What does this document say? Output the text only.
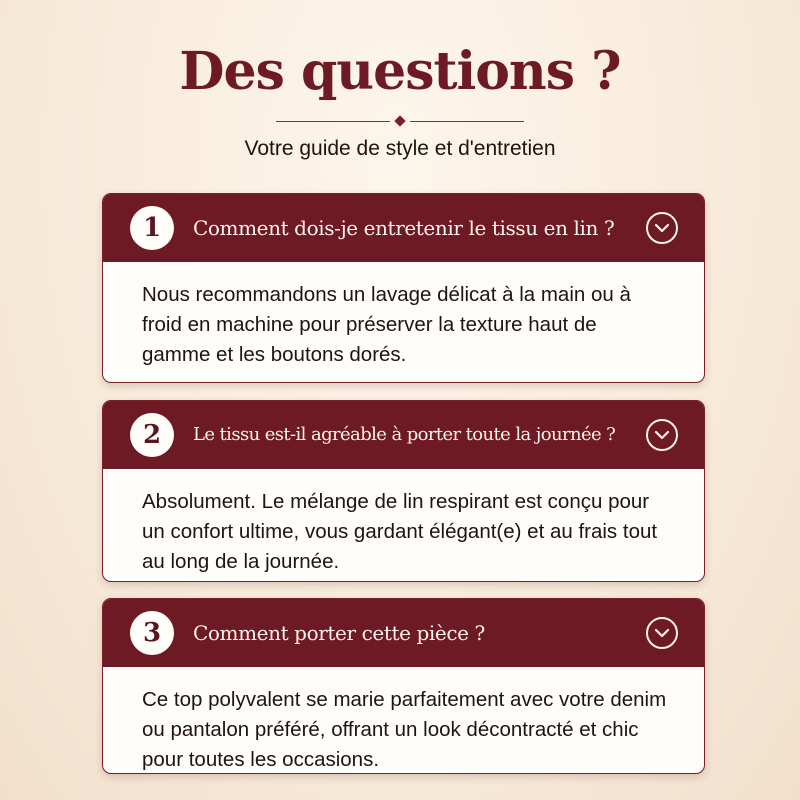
Des questions ?

Votre guide de style et d'entretien

1	Comment dois-je entretenir le tissu en lin ?
Nous recommandons un lavage délicat à la main ou à froid en machine pour préserver la texture haut de gamme et les boutons dorés.
2	Le tissu est-il agréable à porter toute la journée ?
Absolument. Le mélange de lin respirant est conçu pour un confort ultime, vous gardant élégant(e) et au frais tout au long de la journée.
3	Comment porter cette pièce ?
Ce top polyvalent se marie parfaitement avec votre denim ou pantalon préféré, offrant un look décontracté et chic pour toutes les occasions.
